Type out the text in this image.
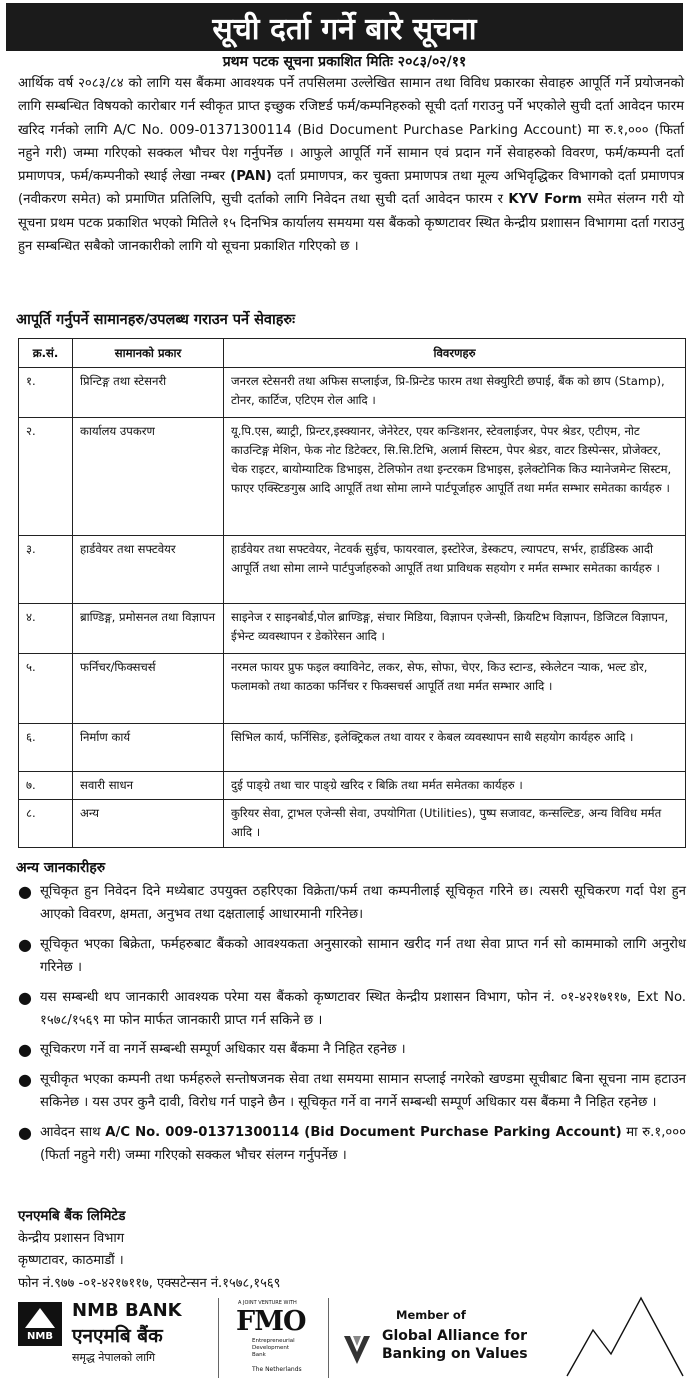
सूची दर्ता गर्ने बारे सूचना
प्रथम पटक सूचना प्रकाशित मितिः २०८३/०२/११
आर्थिक वर्ष २०८३/८४ को लागि यस बैंकमा आवश्यक पर्ने तपसिलमा उल्लेखित सामान तथा विविध प्रकारका सेवाहरु आपूर्ति गर्ने प्रयोजनको लागि सम्बन्धित विषयको कारोबार गर्न स्वीकृत प्राप्त इच्छुक रजिष्टर्ड फर्म/कम्पनिहरुको सूची दर्ता गराउनु पर्ने भएकोले सुची दर्ता आवेदन फारम खरिद गर्नको लागि A/C No. 009-01371300114 (Bid Document Purchase Parking Account) मा रु.१,००० (फिर्ता नहुने गरी) जम्मा गरिएको सक्कल भौचर पेश गर्नुपर्नेछ । आफुले आपूर्ति गर्ने सामान एवं प्रदान गर्ने सेवाहरुको विवरण, फर्म/कम्पनी दर्ता प्रमाणपत्र, फर्म/कम्पनीको स्थाई लेखा नम्बर (PAN) दर्ता प्रमाणपत्र, कर चुक्ता प्रमाणपत्र तथा मूल्य अभिवृद्धिकर विभागको दर्ता प्रमाणपत्र (नवीकरण समेत) को प्रमाणित प्रतिलिपि, सुची दर्ताको लागि निवेदन तथा सुची दर्ता आवेदन फारम र KYV Form समेत संलग्न गरी यो सूचना प्रथम पटक प्रकाशित भएको मितिले १५ दिनभित्र कार्यालय समयमा यस बैंकको कृष्णटावर स्थित केन्द्रीय प्रशाासन विभागमा दर्ता गराउनु हुन सम्बन्धित सबैको जानकारीको लागि यो सूचना प्रकाशित गरिएको छ ।
आपूर्ति गर्नुपर्ने सामानहरु/उपलब्ध गराउन पर्ने सेवाहरुः
क्र.सं.	सामानको प्रकार	विवरणहरु
१.	प्रिन्टिङ्ग तथा स्टेसनरी	जनरल स्टेसनरी तथा अफिस सप्लाईज, प्रि-प्रिन्टेड फारम तथा सेक्युरिटी छपाई, बैंक को छाप (Stamp), टोनर, कार्टिज, एटिएम रोल आदि ।
२.	कार्यालय उपकरण	यू.पि.एस, ब्याट्री, प्रिन्टर,इस्क्यानर, जेनेरेटर, एयर कन्डिशनर, स्टेवलाईजर, पेपर श्रेडर, एटीएम, नोट काउन्टिङ्ग मेशिन, फेक नोट डिटेक्टर, सि.सि.टिभि, अलार्म सिस्टम, पेपर श्रेडर, वाटर डिस्पेन्सर, प्रोजेक्टर, चेक राइटर, बायोम्याटिक डिभाइस, टेलिफोन तथा इन्टरकम डिभाइस, इलेक्टोनिक किउ म्यानेजमेन्ट सिस्टम, फाएर एक्स्टिङगुस्र आदि आपूर्ति तथा सोमा लाग्ने पार्टपूर्जाहरु आपूर्ति तथा मर्मत सम्भार समेतका कार्यहरु ।
३.	हार्डवेयर तथा सफ्टवेयर	हार्डवेयर तथा सफ्टवेयर, नेटवर्क सुईच, फायरवाल, इस्टोरेज, डेस्कटप, ल्यापटप, सर्भर, हार्डडिस्क आदी आपूर्ति तथा सोमा लाग्ने पार्टपुर्जाहरुको आपूर्ति तथा प्राविधक सहयोग र मर्मत सम्भार समेतका कार्यहरु ।
४.	ब्राण्डिङ्ग, प्रमोसनल तथा विज्ञापन	साइनेज र साइनबोर्ड,पोल ब्राण्डिङ्ग, संचार मिडिया, विज्ञापन एजेन्सी, क्रियटिभ विज्ञापन, डिजिटल विज्ञापन, ईभेन्ट व्यवस्थापन र डेकोरेसन आदि ।
५.	फर्निचर/फिक्सचर्स	नरमल फायर प्रुफ फइल क्याविनेट, लकर, सेफ, सोफा, चेएर, किउ स्टान्ड, स्केलेटन र्‍याक, भल्ट डोर, फलामको तथा काठका फर्निचर र फिक्सचर्स आपूर्ति तथा मर्मत सम्भार आदि ।
६.	निर्माण कार्य	सिभिल कार्य, फर्निसिङ, इलेक्ट्रिकल तथा वायर र केबल व्यवस्थापन साथै सहयोग कार्यहरु आदि ।
७.	सवारी साधन	दुई पाङ्ग्रे तथा चार पाङ्ग्रे खरिद र बिक्रि तथा मर्मत समेतका कार्यहरु ।
८.	अन्य	कुरियर सेवा, ट्राभल एजेन्सी सेवा, उपयोगिता (Utilities), पुष्प सजावट, कन्सल्टिङ, अन्य विविध मर्मत आदि ।
अन्य जानकारीहरु
● सूचिकृत हुन निवेदन दिने मध्येबाट उपयुक्त ठहरिएका विक्रेता/फर्म तथा कम्पनीलाई सूचिकृत गरिने छ। त्यसरी सूचिकरण गर्दा पेश हुन आएको विवरण, क्षमता, अनुभव तथा दक्षतालाई आधारमानी गरिनेछ।
● सूचिकृत भएका बिक्रेता, फर्महरुबाट बैंकको आवश्यकता अनुसारको सामान खरीद गर्न तथा सेवा प्राप्त गर्न सो काममाको लागि अनुरोध गरिनेछ ।
● यस सम्बन्धी थप जानकारी आवश्यक परेमा यस बैंकको कृष्णटावर स्थित केन्द्रीय प्रशासन विभाग, फोन नं. ०१-४२१७११७, Ext No. १५७८/१५६९ मा फोन मार्फत जानकारी प्राप्त गर्न सकिने छ ।
● सूचिकरण गर्ने वा नगर्ने सम्बन्धी सम्पूर्ण अधिकार यस बैंकमा नै निहित रहनेछ ।
● सूचीकृत भएका कम्पनी तथा फर्महरुले सन्तोषजनक सेवा तथा समयमा सामान सप्लाई नगरेको खण्डमा सूचीबाट बिना सूचना नाम हटाउन सकिनेछ । यस उपर कुनै दावी, विरोध गर्न पाइने छैन । सूचिकृत गर्ने वा नगर्ने सम्बन्धी सम्पूर्ण अधिकार यस बैंकमा नै निहित रहनेछ ।
● आवेदन साथ A/C No. 009-01371300114 (Bid Document Purchase Parking Account) मा रु.१,००० (फिर्ता नहुने गरी) जम्मा गरिएको सक्कल भौचर संलग्न गर्नुपर्नेछ ।
एनएमबि बैंक लिमिटेड
केन्द्रीय प्रशासन विभाग
कृष्णटावर, काठमाडौं ।
फोन नं.९७७ -०१-४२१७११७, एक्सटेन्सन नं.१५७८,१५६९
NMB
NMB BANK
एनएमबि बैंक
समृद्ध नेपालको लागि
A JOINT VENTURE WITH
FMO
Entrepreneurial
Development
Bank
The Netherlands
Member of
Global Alliance for
Banking on Values
